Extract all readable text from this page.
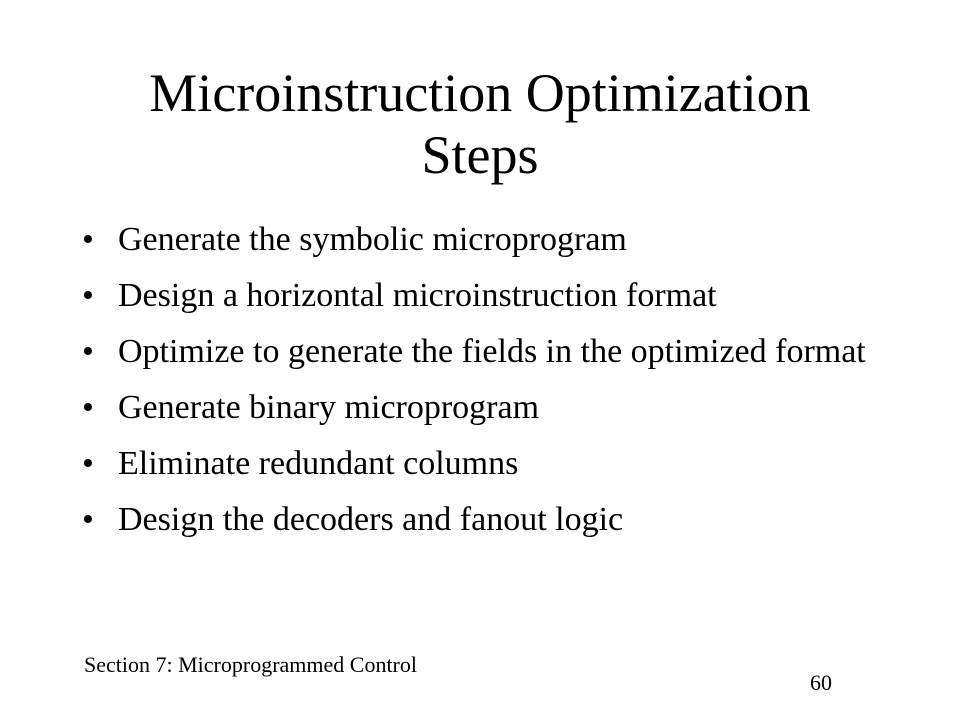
Microinstruction Optimization
Steps
• Generate the symbolic microprogram
• Design a horizontal microinstruction format
• Optimize to generate the fields in the optimized format
• Generate binary microprogram
• Eliminate redundant columns
• Design the decoders and fanout logic
Section 7: Microprogrammed Control
60
